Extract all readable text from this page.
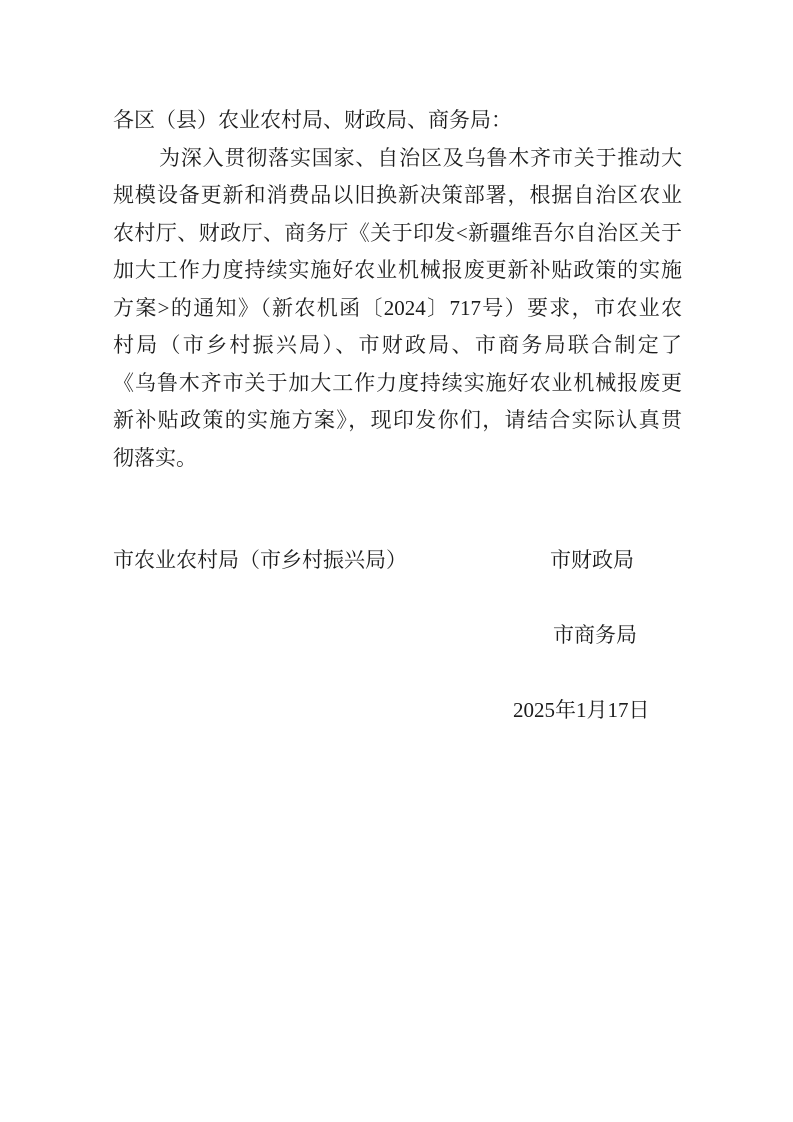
各区（县）农业农村局、财政局、商务局：
为深入贯彻落实国家、自治区及乌鲁木齐市关于推动大
规模设备更新和消费品以旧换新决策部署，根据自治区农业
农村厅、财政厅、商务厅《关于印发<新疆维吾尔自治区关于
加大工作力度持续实施好农业机械报废更新补贴政策的实施
方案>的通知》（新农机函〔2024〕717号）要求，市农业农
村局（市乡村振兴局）、市财政局、市商务局联合制定了
《乌鲁木齐市关于加大工作力度持续实施好农业机械报废更
新补贴政策的实施方案》，现印发你们，请结合实际认真贯
彻落实。
市农业农村局（市乡村振兴局）	市财政局
市商务局
2025年1月17日
